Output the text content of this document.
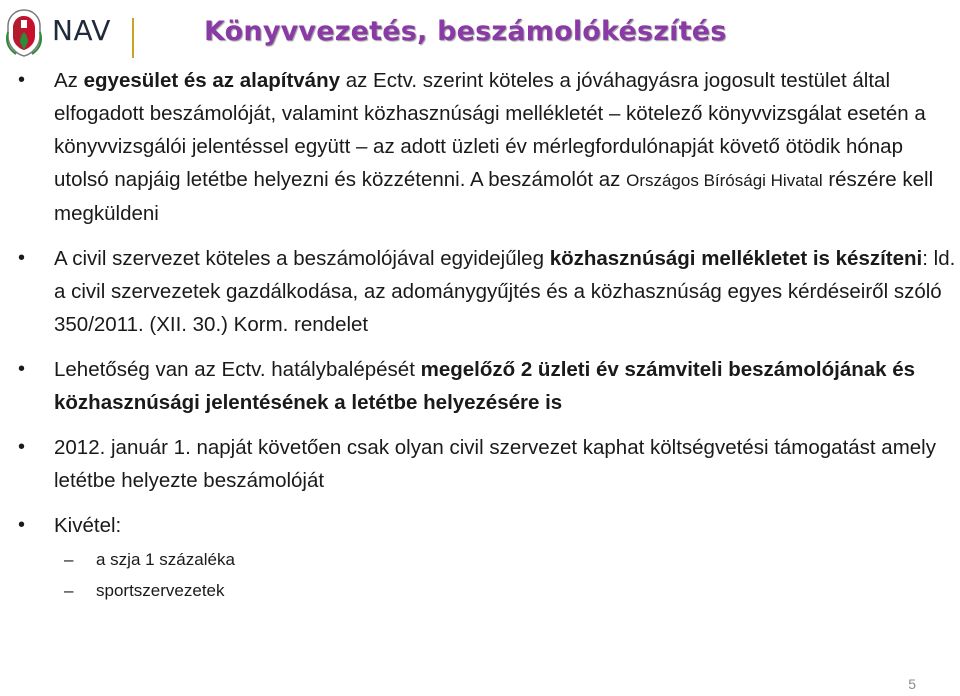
NAV	Könyvvezetés, beszámolókészítés
• Az egyesület és az alapítvány az Ectv. szerint köteles a jóváhagyásra jogosult testület által elfogadott beszámolóját, valamint közhasznúsági mellékletét – kötelező könyvvizsgálat esetén a könyvvizsgálói jelentéssel együtt – az adott üzleti év mérlegfordulónapját követő ötödik hónap utolsó napjáig letétbe helyezni és közzétenni. A beszámolót az Országos Bírósági Hivatal részére kell megküldeni
• A civil szervezet köteles a beszámolójával egyidejűleg közhasznúsági mellékletet is készíteni: ld. a civil szervezetek gazdálkodása, az adománygyűjtés és a közhasznúság egyes kérdéseiről szóló 350/2011. (XII. 30.) Korm. rendelet
• Lehetőség van az Ectv. hatálybalépését megelőző 2 üzleti év számviteli beszámolójának és közhasznúsági jelentésének a letétbe helyezésére is
• 2012. január 1. napját követően csak olyan civil szervezet kaphat költségvetési támogatást amely letétbe helyezte beszámolóját
• Kivétel:
– a szja 1 százaléka
– sportszervezetek
5
